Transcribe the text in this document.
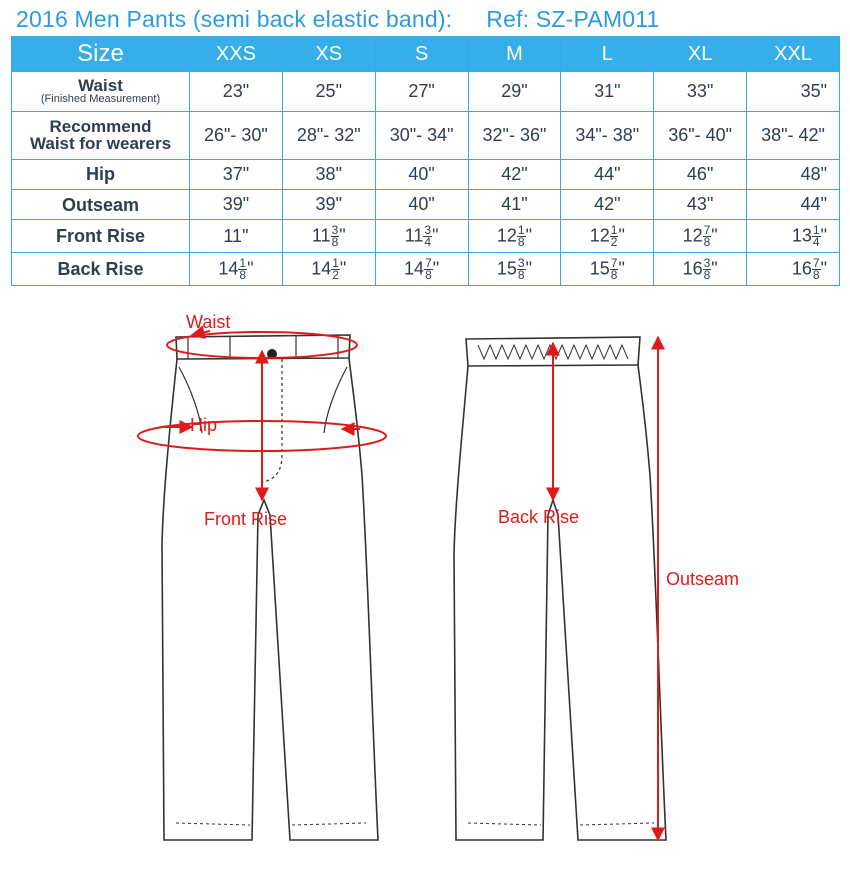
2016 Men Pants (semi back elastic band): Ref: SZ-PAM011
Size	XXS	XS	S	M	L	XL	XXL

Waist
(Finished Measurement)	23"	25"	27"	29"	31"	33"	35"

Recommend
Waist for wearers	26"- 30"	28"- 32"	30"- 34"	32"- 36"	34"- 38"	36"- 40"	38"- 42"
Hip	37"	38"	40"	42"	44"	46"	48"
Outseam	39"	39"	40"	41"	42"	43"	44"
Front Rise	11"	$11 \frac{3}{8}$ "	$11 \frac{3}{4}$ "	$12 \frac{1}{8}$ "	$12 \frac{1}{2}$ "	$12 \frac{7}{8}$ "	$13 \frac{1}{4}$ "
Back Rise	$14 \frac{1}{8}$ "	$14 \frac{1}{2}$ "	$14 \frac{7}{8}$ "	$15 \frac{3}{8}$ "	$15 \frac{7}{8}$ "	$16 \frac{3}{8}$ "	$16 \frac{7}{8}$ "
Waist
Hip
Front Rise	Back Rise
Outseam
